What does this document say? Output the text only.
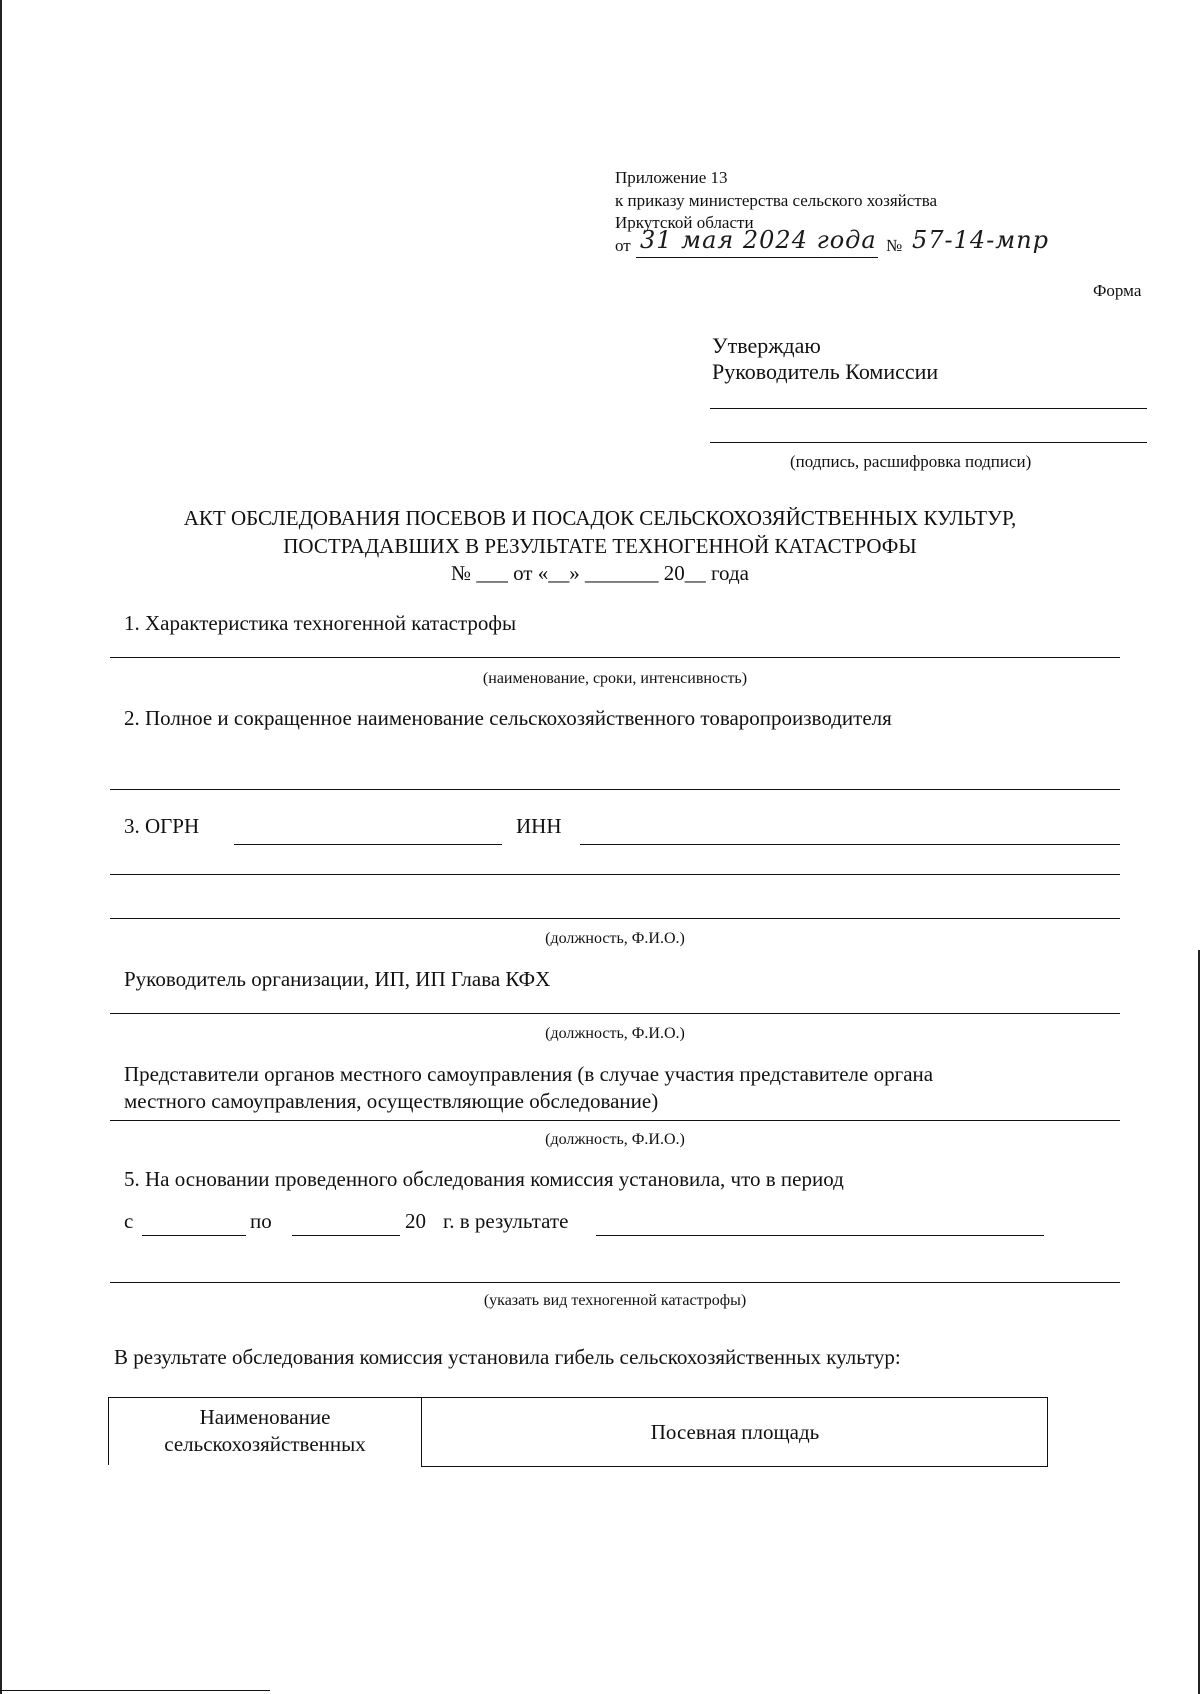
Приложение 13
к приказу министерства сельского хозяйства
Иркутской области
от 31 мая 2024 года № 57-14-мпр
Форма
Утверждаю
Руководитель Комиссии
(подпись, расшифровка подписи)
АКТ ОБСЛЕДОВАНИЯ ПОСЕВОВ И ПОСАДОК СЕЛЬСКОХОЗЯЙСТВЕННЫХ КУЛЬТУР,
ПОСТРАДАВШИХ В РЕЗУЛЬТАТЕ ТЕХНОГЕННОЙ КАТАСТРОФЫ
№ ___ от «__» _______ 20__ года
1. Характеристика техногенной катастрофы
(наименование, сроки, интенсивность)
2. Полное и сокращенное наименование сельскохозяйственного товаропроизводителя
3. ОГРН	ИНН
(должность, Ф.И.О.)
Руководитель организации, ИП, ИП Глава КФХ
(должность, Ф.И.О.)
Представители органов местного самоуправления (в случае участия представителе органа
местного самоуправления, осуществляющие обследование)
(должность, Ф.И.О.)
5. На основании проведенного обследования комиссия установила, что в период
с	по	20 г. в результате
(указать вид техногенной катастрофы)
В результате обследования комиссия установила гибель сельскохозяйственных культур:
Наименование
сельскохозяйственных	Посевная площадь
